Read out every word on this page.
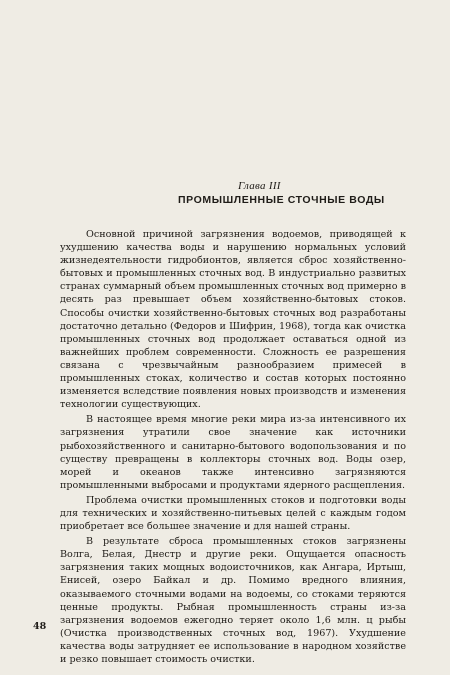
Глава III
ПРОМЫШЛЕННЫЕ СТОЧНЫЕ ВОДЫ

Основной причиной загрязнения водоемов, приводящей к ухудшению качества воды и нарушению нормальных условий жизнедеятельности гидробионтов, является сброс хозяйственно-бытовых и промышленных сточных вод. В индустриально развитых странах суммарный объем промышленных сточных вод примерно в десять раз превышает объем хозяйственно-бытовых стоков. Способы очистки хозяйственно-бытовых сточных вод разработаны достаточно детально (Федоров и Шифрин, 1968), тогда как очистка промышленных сточных вод продолжает оставаться одной из важнейших проблем современности. Сложность ее разрешения связана с чрезвычайным разнообразием примесей в промышленных стоках, количество и состав которых постоянно изменяется вследствие появления новых производств и изменения технологии существующих.

В настоящее время многие реки мира из-за интенсивного их загрязнения утратили свое значение как источники рыбохозяйственного и санитарно-бытового водопользования и по существу превращены в коллекторы сточных вод. Воды озер, морей и океанов также интенсивно загрязняются промышленными выбросами и продуктами ядерного расщепления.

Проблема очистки промышленных стоков и подготовки воды для технических и хозяйственно-питьевых целей с каждым годом приобретает все большее значение и для нашей страны.

В результате сброса промышленных стоков загрязнены Волга, Белая, Днестр и другие реки. Ощущается опасность загрязнения таких мощных водоисточников, как Ангара, Иртыш, Енисей, озеро Байкал и др. Помимо вредного влияния, оказываемого сточными водами на водоемы, со стоками теряются ценные продукты. Рыбная промышленность страны из-за загрязнения водоемов ежегодно теряет около 1,6 млн. ц рыбы (Очистка производственных сточных вод, 1967). Ухудшение качества воды затрудняет ее использование в народном хозяйстве и резко повышает стоимость очистки.

48
